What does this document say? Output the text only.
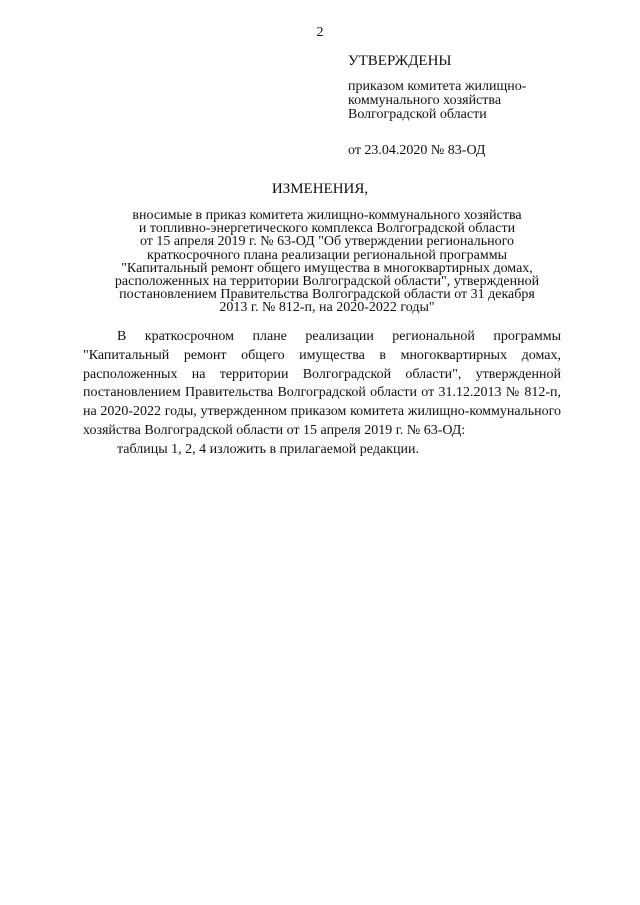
2
УТВЕРЖДЕНЫ
приказом комитета жилищно-
коммунального хозяйства
Волгоградской области
от 23.04.2020 № 83-ОД
ИЗМЕНЕНИЯ,
вносимые в приказ комитета жилищно-коммунального хозяйства
и топливно-энергетического комплекса Волгоградской области
от 15 апреля 2019 г. № 63-ОД "Об утверждении регионального
краткосрочного плана реализации региональной программы
"Капитальный ремонт общего имущества в многоквартирных домах,
расположенных на территории Волгоградской области", утвержденной
постановлением Правительства Волгоградской области от 31 декабря
2013 г. № 812-п, на 2020-2022 годы"

В краткосрочном плане реализации региональной программы "Капитальный ремонт общего имущества в многоквартирных домах, расположенных на территории Волгоградской области", утвержденной постановлением Правительства Волгоградской области от 31.12.2013 № 812-п, на 2020-2022 годы, утвержденном приказом комитета жилищно-коммунального хозяйства Волгоградской области от 15 апреля 2019 г. № 63-ОД:

таблицы 1, 2, 4 изложить в прилагаемой редакции.
